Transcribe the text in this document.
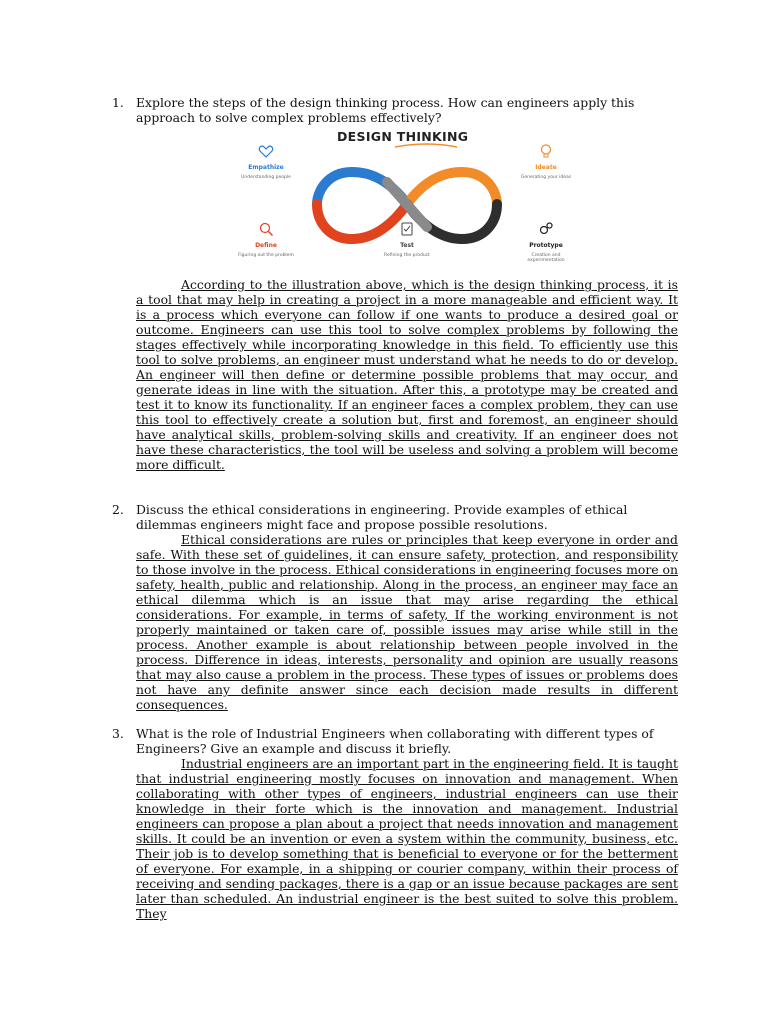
1. Explore the steps of the design thinking process. How can engineers apply this approach to solve complex problems effectively?
DESIGN THINKING
Empathize
Understanding people
Define
Figuring out the problem
Test
Refining the product
Ideate
Generating your ideas
Prototype
Creation and experimentation
According to the illustration above, which is the design thinking process, it is a tool that may help in creating a project in a more manageable and efficient way. It is a process which everyone can follow if one wants to produce a desired goal or outcome. Engineers can use this tool to solve complex problems by following the stages effectively while incorporating knowledge in this field. To efficiently use this tool to solve problems, an engineer must understand what he needs to do or develop. An engineer will then define or determine possible problems that may occur, and generate ideas in line with the situation. After this, a prototype may be created and test it to know its functionality. If an engineer faces a complex problem, they can use this tool to effectively create a solution but, first and foremost, an engineer should have analytical skills, problem-solving skills and creativity. If an engineer does not have these characteristics, the tool will be useless and solving a problem will become more difficult.
2. Discuss the ethical considerations in engineering. Provide examples of ethical dilemmas engineers might face and propose possible resolutions.
Ethical considerations are rules or principles that keep everyone in order and safe. With these set of guidelines, it can ensure safety, protection, and responsibility to those involve in the process. Ethical considerations in engineering focuses more on safety, health, public and relationship. Along in the process, an engineer may face an ethical dilemma which is an issue that may arise regarding the ethical considerations. For example, in terms of safety, If the working environment is not properly maintained or taken care of, possible issues may arise while still in the process. Another example is about relationship between people involved in the process. Difference in ideas, interests, personality and opinion are usually reasons that may also cause a problem in the process. These types of issues or problems does not have any definite answer since each decision made results in different consequences.
3. What is the role of Industrial Engineers when collaborating with different types of Engineers? Give an example and discuss it briefly.
Industrial engineers are an important part in the engineering field. It is taught that industrial engineering mostly focuses on innovation and management. When collaborating with other types of engineers, industrial engineers can use their knowledge in their forte which is the innovation and management. Industrial engineers can propose a plan about a project that needs innovation and management skills. It could be an invention or even a system within the community, business, etc. Their job is to develop something that is beneficial to everyone or for the betterment of everyone. For example, in a shipping or courier company, within their process of receiving and sending packages, there is a gap or an issue because packages are sent later than scheduled. An industrial engineer is the best suited to solve this problem. They
